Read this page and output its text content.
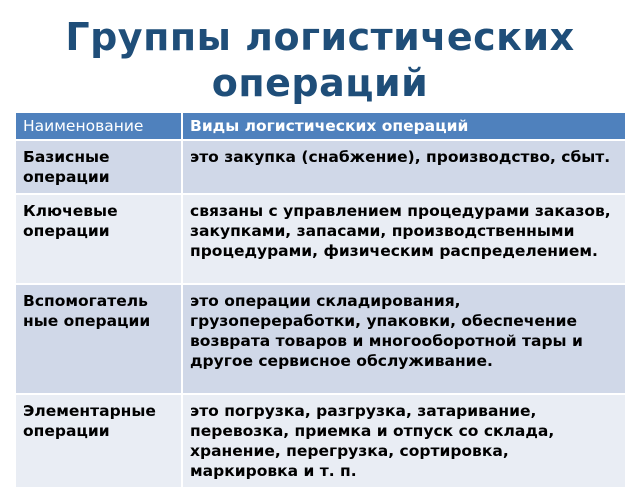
Группы логистических операций
Наименование	Виды логистических операций
Базисные операции	это закупка (снабжение), производство, сбыт.
Ключевые операции	связаны с управлением процедурами заказов, закупками, запасами, производственными процедурами, физическим распределением.
Вспомогатель ные операции	это операции складирования, грузопереработки, упаковки, обеспечение возврата товаров и многооборотной тары и другое сервисное обслуживание.
Элементарные операции	это погрузка, разгрузка, затаривание, перевозка, приемка и отпуск со склада, хранение, перегрузка, сортировка, маркировка и т. п.
